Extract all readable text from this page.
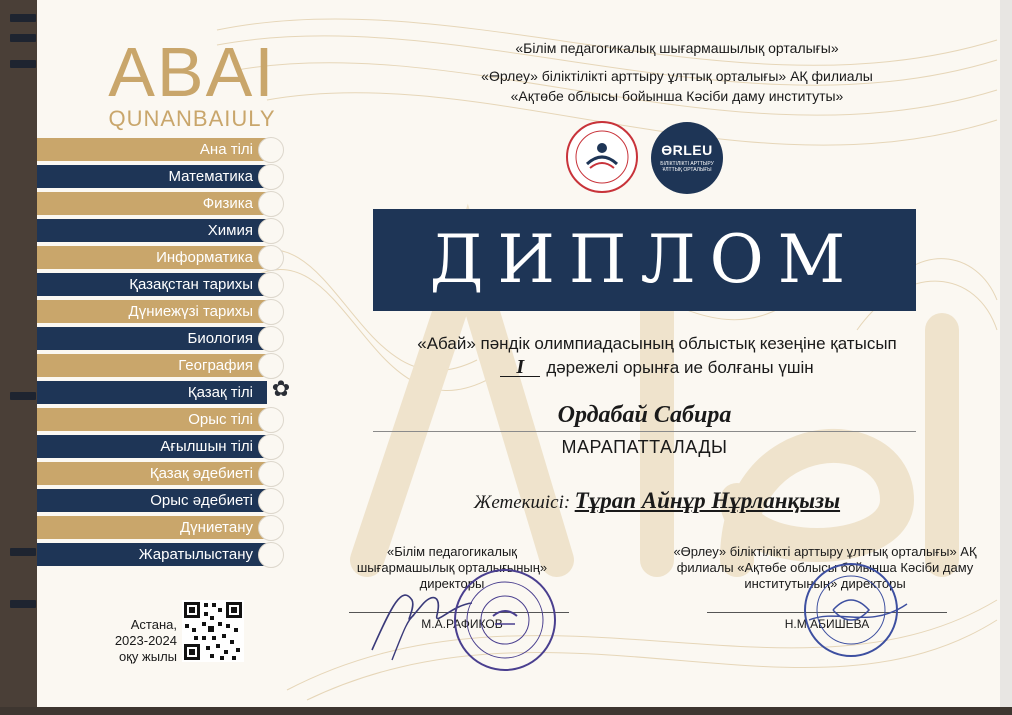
ABAI
QUNANBAIULY
Ана тілі
Математика
Физика
Химия
Информатика
Қазақстан тарихы
Дүниежүзі тарихы
Биология
География
Қазақ тілі ✿
Орыс тілі
Ағылшын тілі
Қазақ әдебиеті
Орыс әдебиеті
Дүниетану
Жаратылыстану
«Білім педагогикалық шығармашылық орталығы»
«Өрлеу» біліктілікті арттыру ұлттық орталығы» АҚ филиалы
«Ақтөбе облысы бойынша Кәсіби даму институты»
ӨRLEU
БІЛІКТІЛІКТІ АРТТЫРУ ҰЛТТЫҚ ОРТАЛЫҒЫ
ДИПЛОМ
«Абай» пәндік олимпиадасының облыстық кезеңіне қатысып
I дәрежелі орынға ие болғаны үшін
Ордабай Сабира
МАРАПАТТАЛАДЫ
Жетекшісі: Тұрап Айнұр Нұрланқызы
«Білім педагогикалық шығармашылық орталығының» директоры
«Өрлеу» біліктілікті арттыру ұлттық орталығы» АҚ филиалы «Ақтөбе облысы бойынша Кәсіби даму институтының» директоры
М.А.РАФИКОВ	Н.М.АБИШЕВА
Астана,
2023-2024
оқу жылы
